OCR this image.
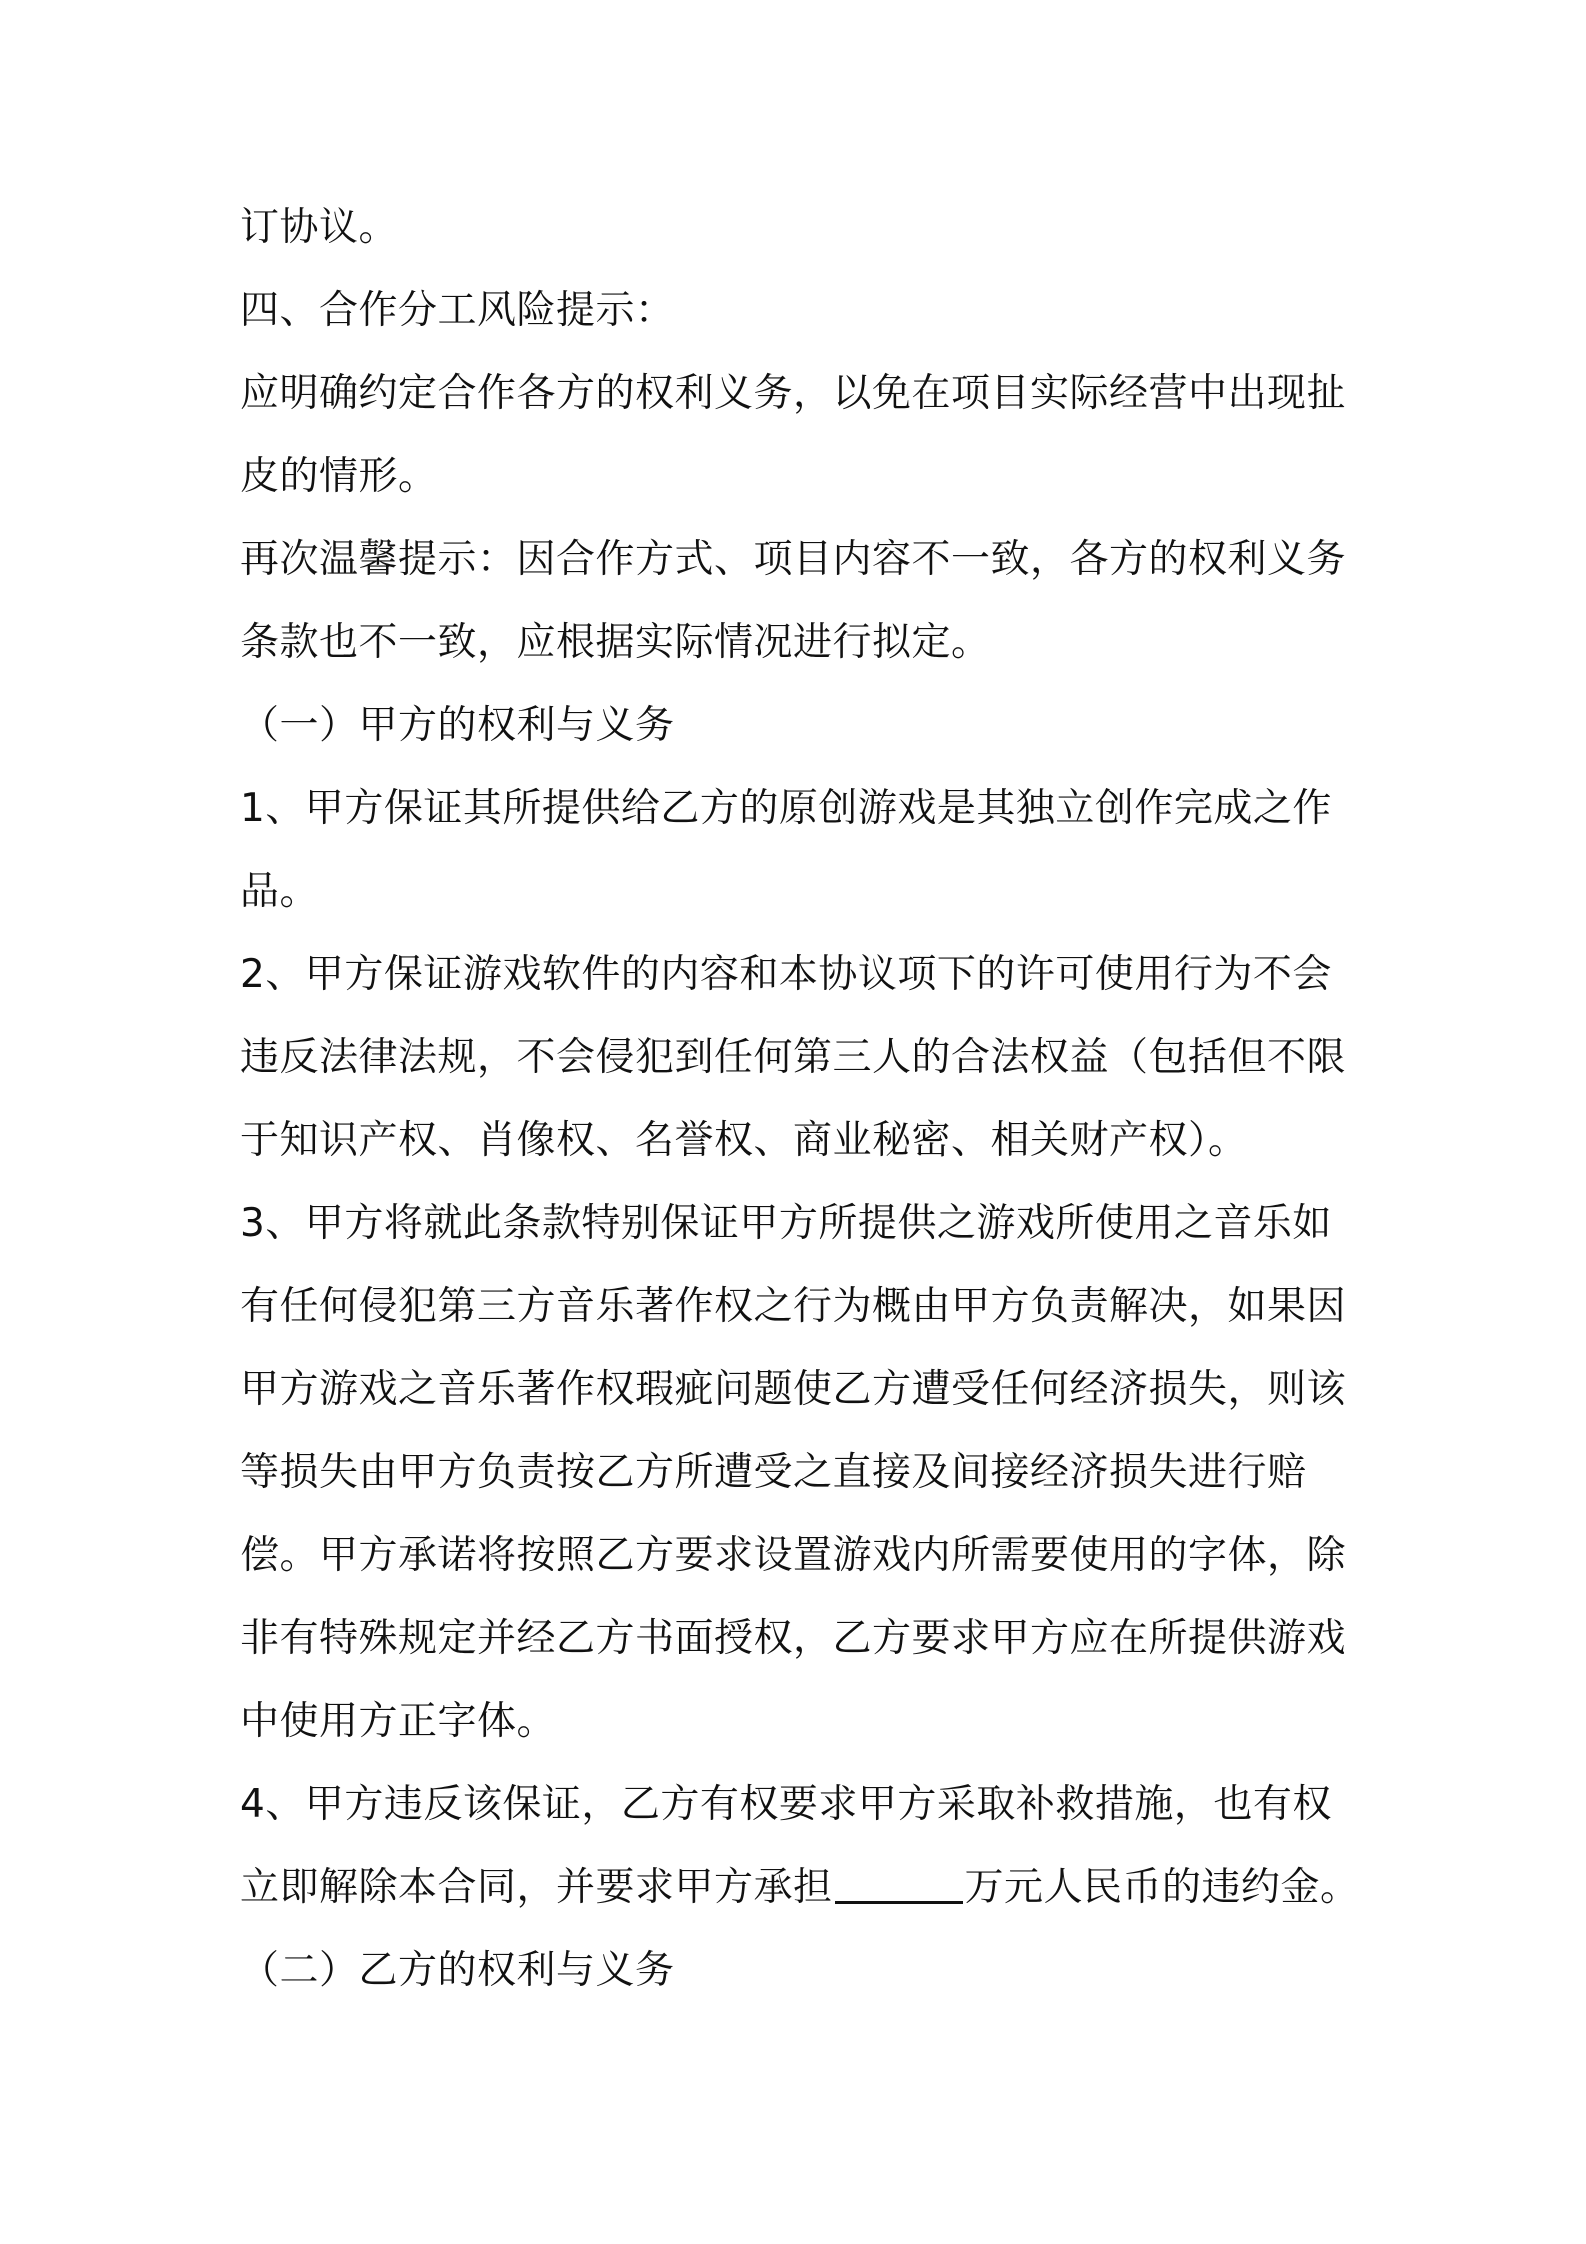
订协议。
四、合作分工风险提示：
应明确约定合作各方的权利义务，以免在项目实际经营中出现扯
皮的情形。
再次温馨提示：因合作方式、项目内容不一致，各方的权利义务
条款也不一致，应根据实际情况进行拟定。
（一）甲方的权利与义务
1、甲方保证其所提供给乙方的原创游戏是其独立创作完成之作
品。
2、甲方保证游戏软件的内容和本协议项下的许可使用行为不会
违反法律法规，不会侵犯到任何第三人的合法权益（包括但不限
于知识产权、肖像权、名誉权、商业秘密、相关财产权）。
3、甲方将就此条款特别保证甲方所提供之游戏所使用之音乐如
有任何侵犯第三方音乐著作权之行为概由甲方负责解决，如果因
甲方游戏之音乐著作权瑕疵问题使乙方遭受任何经济损失，则该
等损失由甲方负责按乙方所遭受之直接及间接经济损失进行赔
偿。甲方承诺将按照乙方要求设置游戏内所需要使用的字体，除
非有特殊规定并经乙方书面授权，乙方要求甲方应在所提供游戏
中使用方正字体。
4、甲方违反该保证，乙方有权要求甲方采取补救措施，也有权
立即解除本合同，并要求甲方承担	万元人民币的违约金。
（二）乙方的权利与义务
